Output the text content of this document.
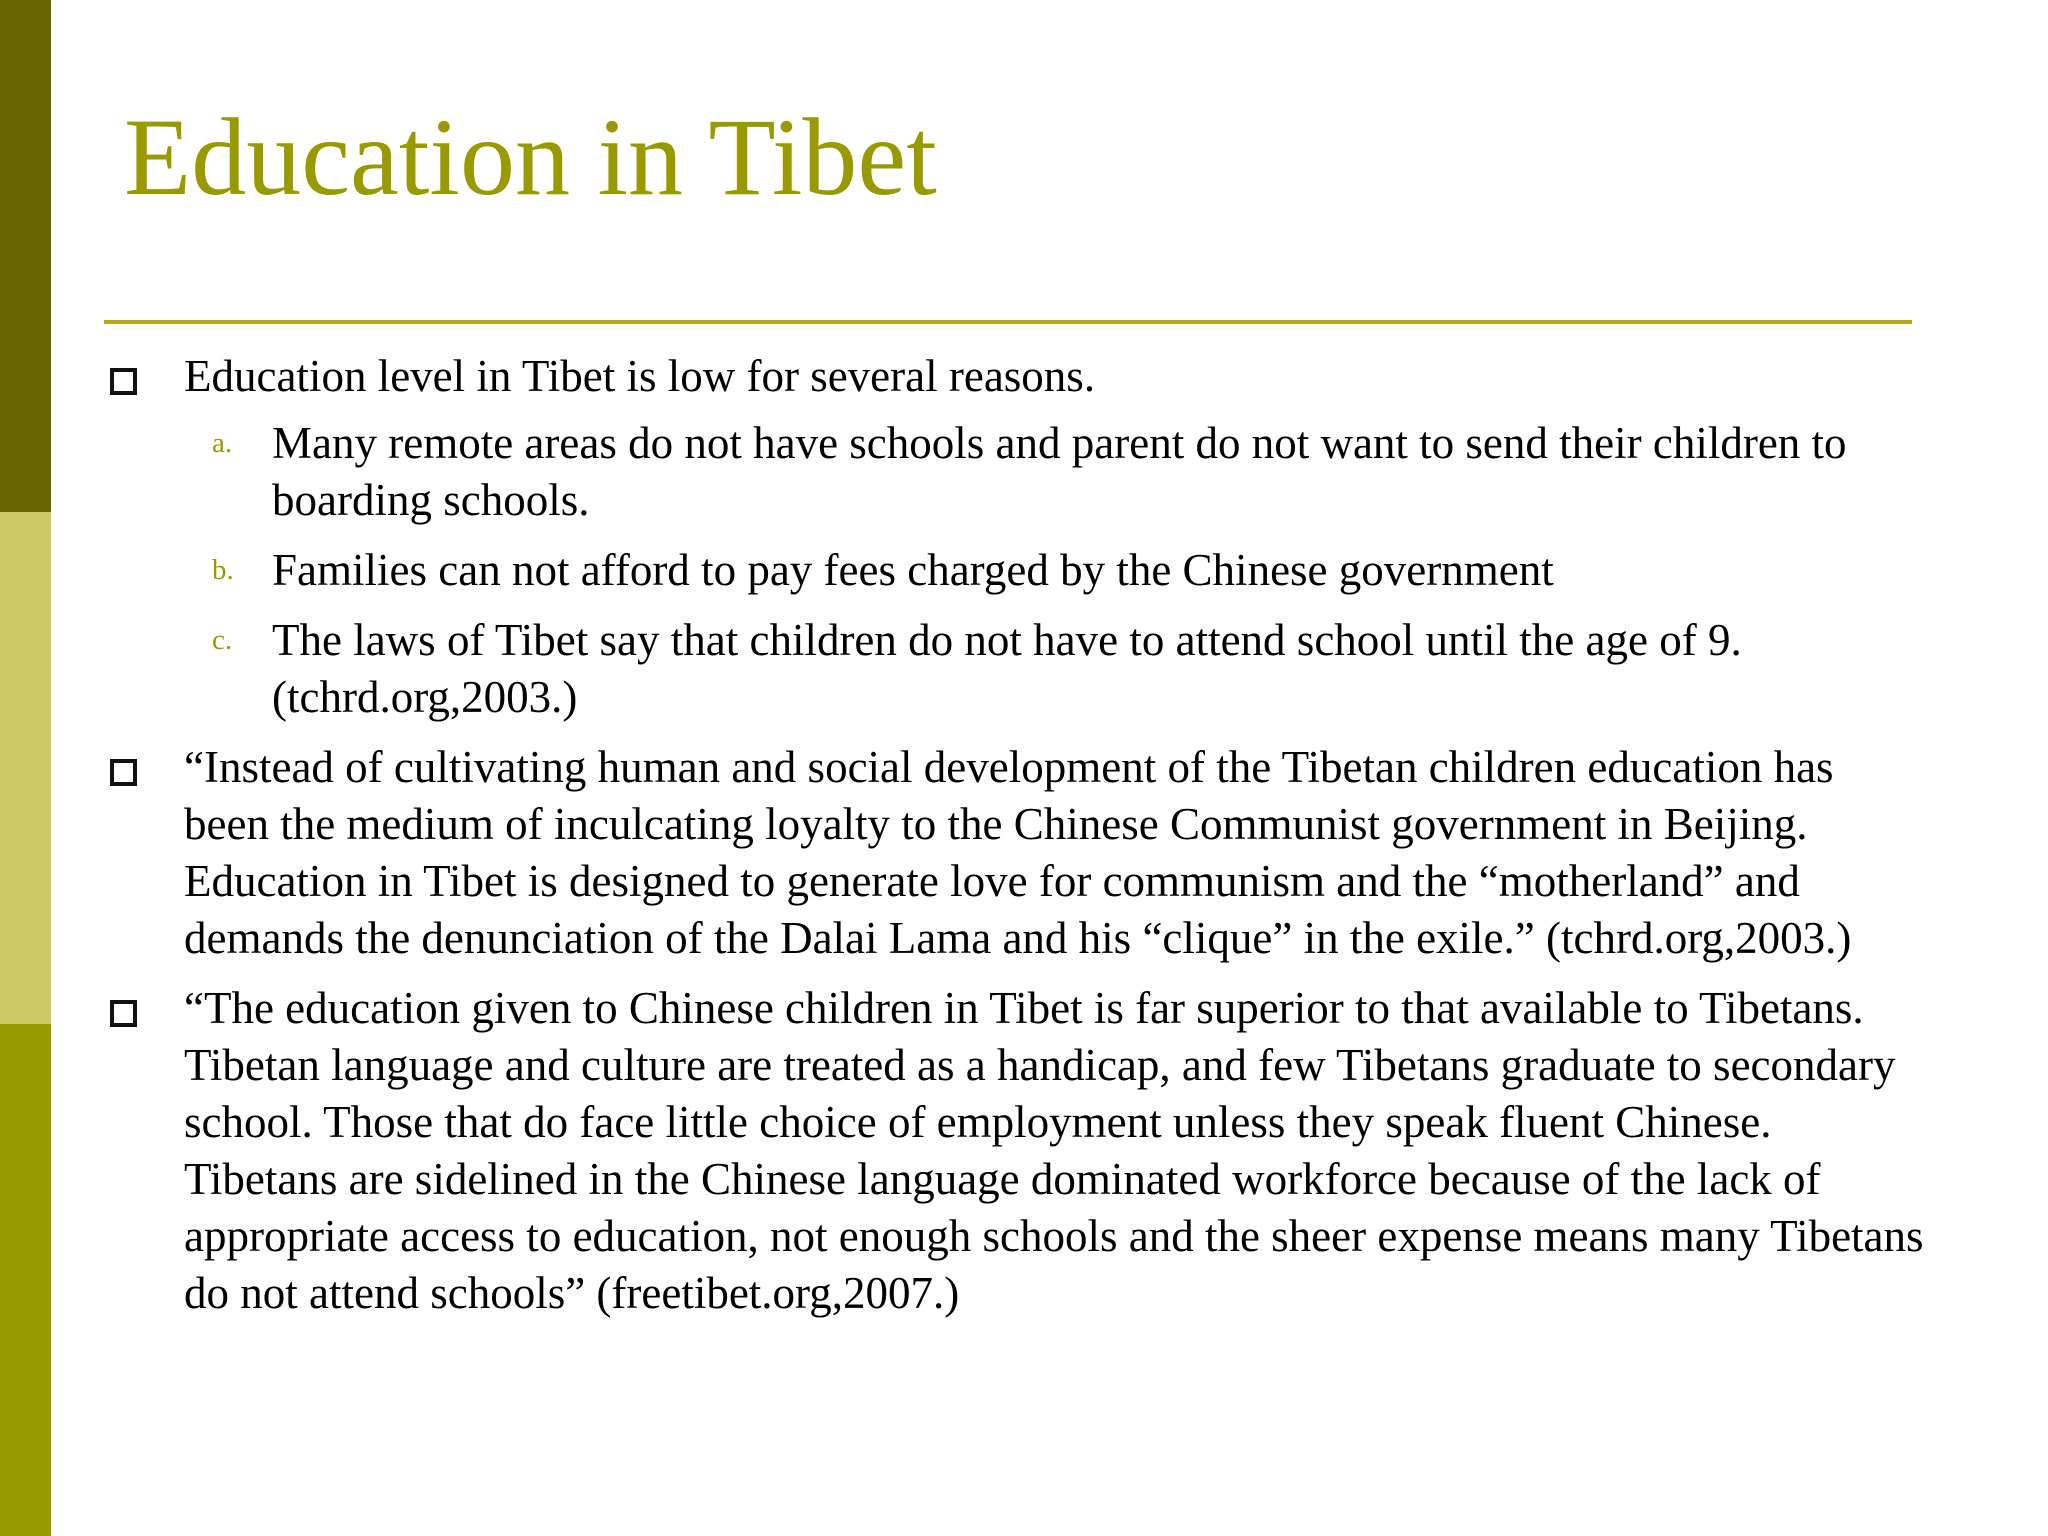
Education in Tibet
Education level in Tibet is low for several reasons.
a. Many remote areas do not have schools and parent do not want to send their children to boarding schools.
b. Families can not afford to pay fees charged by the Chinese government
c. The laws of Tibet say that children do not have to attend school until the age of 9. (tchrd.org,2003.)
“Instead of cultivating human and social development of the Tibetan children education has been the medium of inculcating loyalty to the Chinese Communist government in Beijing. Education in Tibet is designed to generate love for communism and the “motherland” and demands the denunciation of the Dalai Lama and his “clique” in the exile.” (tchrd.org,2003.)
“The education given to Chinese children in Tibet is far superior to that available to Tibetans. Tibetan language and culture are treated as a handicap, and few Tibetans graduate to secondary school. Those that do face little choice of employment unless they speak fluent Chinese. Tibetans are sidelined in the Chinese language dominated workforce because of the lack of appropriate access to education, not enough schools and the sheer expense means many Tibetans do not attend schools” (freetibet.org,2007.)
